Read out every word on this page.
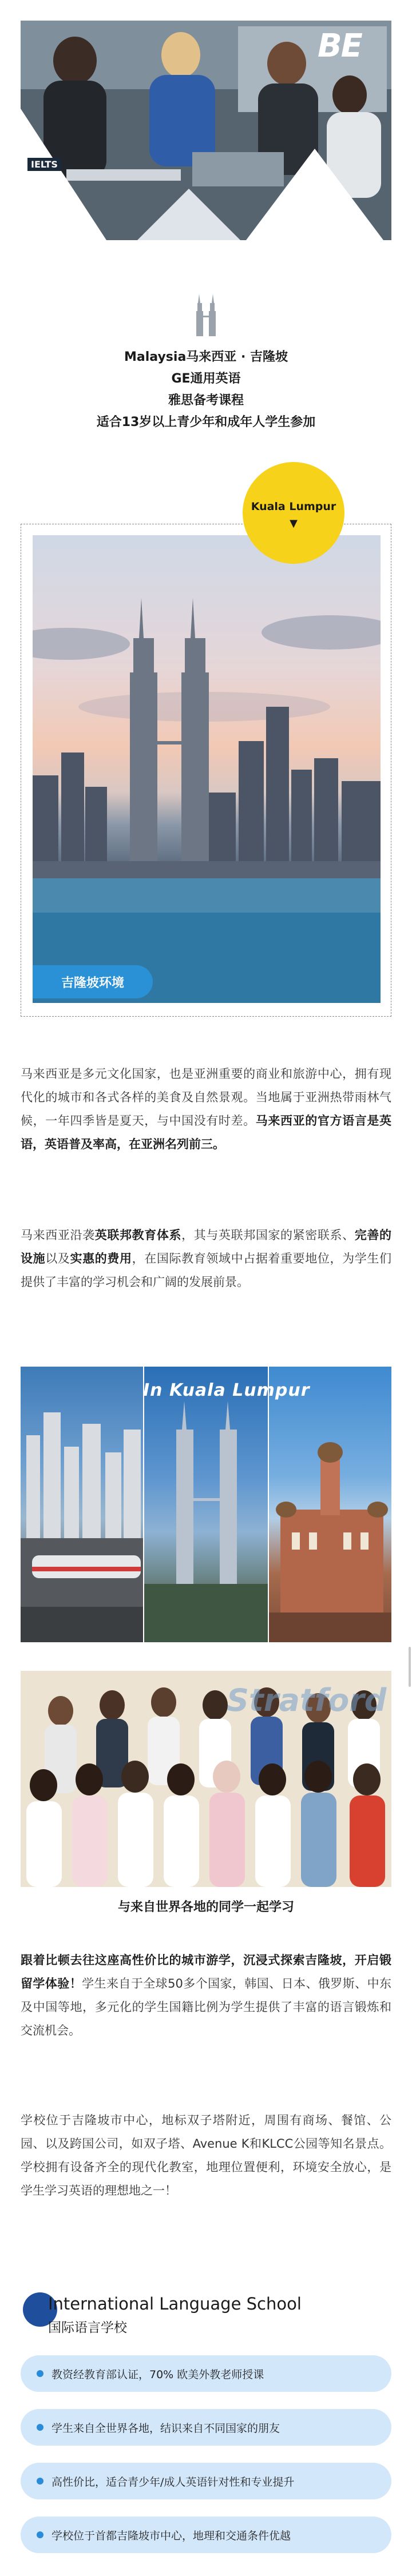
BE
IELTS
Malaysia马来西亚 · 吉隆坡
GE通用英语
雅思备考课程
适合13岁以上青少年和成年人学生参加
Kuala Lumpur
▼
吉隆坡环境
马来西亚是多元文化国家，也是亚洲重要的商业和旅游中心，拥有现代化的城市和各式各样的美食及自然景观。当地属于亚洲热带雨林气候，一年四季皆是夏天，与中国没有时差。马来西亚的官方语言是英语，英语普及率高，在亚洲名列前三。
马来西亚沿袭英联邦教育体系，其与英联邦国家的紧密联系、完善的设施以及实惠的费用，在国际教育领域中占据着重要地位，为学生们提供了丰富的学习机会和广阔的发展前景。
In Kuala Lumpur
Stratford
与来自世界各地的同学一起学习
跟着比顿去往这座高性价比的城市游学，沉浸式探索吉隆坡，开启锻留学体验！学生来自于全球50多个国家，韩国、日本、俄罗斯、中东及中国等地，多元化的学生国籍比例为学生提供了丰富的语言锻炼和交流机会。
学校位于吉隆坡市中心，地标双子塔附近，周围有商场、餐馆、公园、以及跨国公司，如双子塔、Avenue K和KLCC公园等知名景点。学校拥有设备齐全的现代化教室，地理位置便利，环境安全放心，是学生学习英语的理想地之一！
International Language School
国际语言学校
教资经教育部认证，70% 欧美外教老师授课
学生来自全世界各地，结识来自不同国家的朋友
高性价比，适合青少年/成人英语针对性和专业提升
学校位于首都吉隆坡市中心，地理和交通条件优越
